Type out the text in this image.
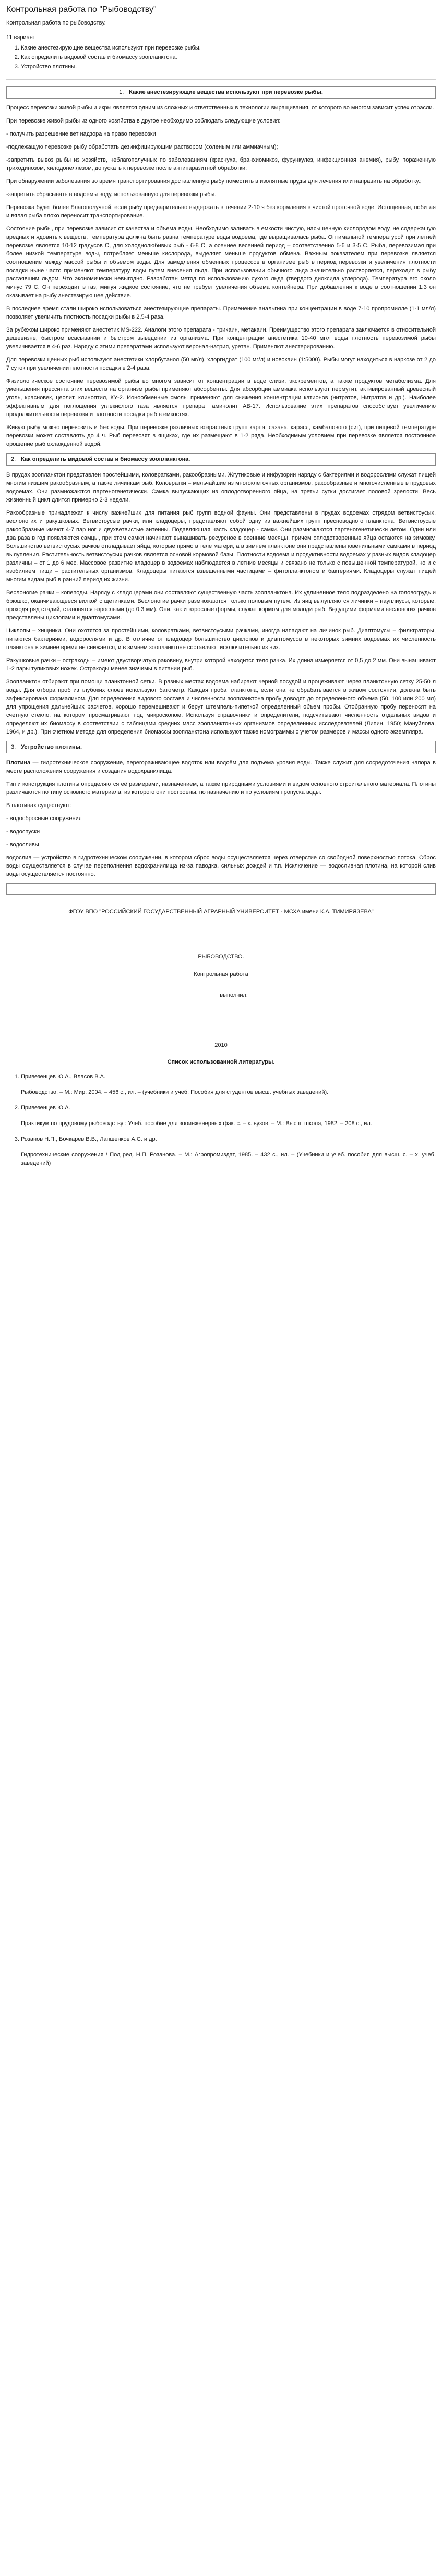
Контрольная работа по "Рыбоводству"
Контрольная работа по рыбоводству.
11 вариант
1. Какие анестезирующие вещества используют при перевозке рыбы.
2. Как определить видовой состав и биомассу зоопланктона.
3. Устройство плотины.
1. Какие анестезирующие вещества используют при перевозке рыбы.

Процесс перевозки живой рыбы и икры является одним из сложных и ответственных в технологии выращивания, от которого во многом зависит успех отрасли.

При перевозке живой рыбы из одного хозяйства в другое необходимо соблюдать следующие условия:

- получить разрешение вет надзора на право перевозки

-подлежащую перевозке рыбу обработать дезинфицирующим раствором (соленым или аммиачным);

-запретить вывоз рыбы из хозяйств, неблагополучных по заболеваниям (краснуха, бранхиомикоз, фурункулез, инфекционная анемия), рыбу, пораженную триходинозом, хилодонеллезом, допускать к перевозке после антипаразитной обработки;

При обнаружении заболевания во время транспортирования доставленную рыбу поместить в изолятные пруды для лечения или направить на обработку.;

-запретить сбрасывать в водоемы воду, использованную для перевозки рыбы.

Перевозка будет более Благополучной, если рыбу предварительно выдержать в течении 2-10 ч без кормления в чистой проточной воде. Истощенная, побитая и вялая рыба плохо переносит транспортирование.

Состояние рыбы, при перевозке зависит от качества и объема воды. Необходимо заливать в емкости чистую, насыщенную кислородом воду, не содержащую вредных и ядовитых веществ, температура должна быть равна температуре воды водоема, где выращивалась рыба. Оптимальной температурой при летней перевозке является 10-12 градусов С, для холоднолюбивых рыб - 6-8 С, а осеннее весенней период – соответственно 5-6 и 3-5 С. Рыба, перевозимая при более низкой температуре воды, потребляет меньше кислорода, выделяет меньше продуктов обмена. Важным показателем при перевозке является соотношение между массой рыбы и объемом воды. Для замедления обменных процессов в организме рыб в период перевозки и увеличения плотности посадки ныне часто применяют температуру воды путем внесения льда. При использовании обычного льда значительно растворяется, переходит в рыбу растаявшим льдом. Что экономически невыгодно. Разработан метод по использованию сухого льда (твердого диоксида углерода). Температура его около минус 79 С. Он переходит в газ, минуя жидкое состояние, что не требует увеличения объема контейнера. При добавлении к воде в соотношении 1:3 он оказывает на рыбу анестезирующее действие.

В последнее время стали широко использоваться анестезирующие препараты. Применение анальгина при концентрации в воде 7-10 пропромилле (1-1 мл/л) позволяет увеличить плотность посадки рыбы в 2,5-4 раза.

За рубежом широко применяют анестетик MS-222. Аналоги этого препарата - трикаин, метакаин. Преимущество этого препарата заключается в относительной дешевизне, быстром всасывании и быстром выведении из организма. При концентрации анестетика 10-40 мг/л воды плотность перевозимой рыбы увеличивается в 4-6 раз. Наряду с этими препаратами используют веронал-натрия, уретан. Применяют анестерированию.

Для перевозки ценных рыб используют анестетики хлорбутанол (50 мг/л), хлоргидрат (100 мг/л) и новокаин (1:5000). Рыбы могут находиться в наркозе от 2 до 7 суток при увеличении плотности посадки в 2-4 раза.

Физиологическое состояние перевозимой рыбы во многом зависит от концентрации в воде слизи, экскрементов, а также продуктов метаболизма. Для уменьшения прессинга этих веществ на организм рыбы применяют абсорбенты. Для абсорбции аммиака используют пермутит, активированный древесный уголь, красновек, цеолит, клиноптил, КУ-2. Ионообменные смолы применяют для снижения концентрации катионов (нитратов, Нитратов и др.). Наиболее эффективным для поглощения углекислого газа является препарат аминолит АВ-17. Использование этих препаратов способствует увеличению продолжительности перевозки и плотности посадки рыб в емкостях.

Живую рыбу можно перевозить и без воды. При перевозке различных возрастных групп карпа, сазана, карася, камбалового (сиг), при пищевой температуре перевозки может составлять до 4 ч. Рыб перевозят в ящиках, где их размещают в 1-2 ряда. Необходимым условием при перевозке является постоянное орошение рыб охлажденной водой.

2. Как определить видовой состав и биомассу зоопланктона.

В прудах зоопланктон представлен простейшими, коловратками, ракообразными. Жгутиковые и инфузории наряду с бактериями и водорослями служат пищей многим низшим ракообразным, а также личинкам рыб. Коловратки – мельчайшие из многоклеточных организмов, ракообразные и многочисленные в прудовых водоемах. Они размножаются партеногенетически. Самка выпускающих из оплодотворенного яйца, на третьи сутки достигает половой зрелости. Весь жизненный цикл длится примерно 2-3 недели.

Ракообразные принадлежат к числу важнейших для питания рыб групп водной фауны. Они представлены в прудах водоемах отрядом ветвистоусых, веслоногих и ракушковых. Ветвистоусые рачки, или кладоцеры, представляют собой одну из важнейших групп пресноводного планктона. Ветвистоусые ракообразные имеют 4-7 пар ног и двухветвистые антенны. Подавляющая часть кладоцер - самки. Они размножаются партеногенетически летом. Один или два раза в год появляются самцы, при этом самки начинают вынашивать ресурсное в осенние месяцы, причем оплодотворенные яйца остаются на зимовку. Большинство ветвистоусых рачков откладывает яйца, которые прямо в теле матери, а в зимнем планктоне они представлены ювенильными самками в период вылупления. Растительность ветвистоусых рачков является основой кормовой базы. Плотности водоема и продуктивности водоемах у разных видов кладоцер различны – от 1 до 6 мес. Массовое развитие кладоцер в водоемах наблюдается в летние месяцы и связано не только с повышенной температурой, но и с изобилием пищи – растительных организмов. Кладоцеры питаются взвешенными частицами – фитопланктоном и бактериями. Кладоцеры служат пищей многим видам рыб в ранний период их жизни.

Веслоногие рачки – копеподы. Наряду с кладоцерами они составляют существенную часть зоопланктона. Их удлиненное тело подразделено на головогрудь и брюшко, оканчивающееся вилкой с щетинками. Веслоногие рачки размножаются только половым путем. Из яиц вылупляются личинки – науплиусы, которые, проходя ряд стадий, становятся взрослыми (до 0,3 мм). Они, как и взрослые формы, служат кормом для молоди рыб. Ведущими формами веслоногих рачков представлены циклопами и диаптомусами.

Циклопы – хищники. Они охотятся за простейшими, коловратками, ветвистоусыми рачками, иногда нападают на личинок рыб. Диаптомусы – фильтраторы, питаются бактериями, водорослями и др. В отличие от кладоцер большинство циклопов и диаптомусов в некоторых зимних водоемах их численность планктона в зимнее время не снижается, и в зимнем зоопланктоне составляют исключительно из них.

Ракушковые рачки – остракоды – имеют двустворчатую раковину, внутри которой находится тело рачка. Их длина измеряется от 0,5 до 2 мм. Они вынашивают 1-2 пары тупиковых ножек. Остракоды менее значимы в питании рыб.

Зоопланктон отбирают при помощи планктонной сетки. В разных местах водоема набирают черной посудой и процеживают через планктонную сетку 25-50 л воды. Для отбора проб из глубоких слоев используют батометр. Каждая проба планктона, если она не обрабатывается в живом состоянии, должна быть зафиксирована формалином. Для определения видового состава и численности зоопланктона пробу доводят до определенного объема (50, 100 или 200 мл) для упрощения дальнейших расчетов, хорошо перемешивают и берут штемпель-пипеткой определенный объем пробы. Отобранную пробу переносят на счетную стекло, на котором просматривают под микроскопом. Используя справочники и определители, подсчитывают численность отдельных видов и определяют их биомассу в соответствии с таблицами средних масс зоопланктонных организмов определенных исследователей (Липин, 1950; Мануйлова, 1964, и др.). При счетном методе для определения биомассы зоопланктона используют также номограммы с учетом размеров и массы одного экземпляра.

3. Устройство плотины.

Плотина — гидротехническое сооружение, перегораживающее водоток или водоём для подъёма уровня воды. Также служит для сосредоточения напора в месте расположения сооружения и создания водохранилища.

Тип и конструкция плотины определяются её размерами, назначением, а также природными условиями и видом основного строительного материала. Плотины различаются по типу основного материала, из которого они построены, по назначению и по условиям пропуска воды.

В плотинах существуют:

- водосбросные сооружения

- водоспуски

- водосливы

водослив — устройство в гидротехническом сооружении, в котором сброс воды осуществляется через отверстие со свободной поверхностью потока. Сброс воды осуществляется в случае переполнения водохранилища из-за паводка, сильных дождей и т.п. Исключение — водосливная плотина, на которой слив воды осуществляется постоянно.

ФГОУ ВПО "РОССИЙСКИЙ ГОСУДАРСТВЕННЫЙ АГРАРНЫЙ УНИВЕРСИТЕТ - МСХА имени К.А. ТИМИРЯЗЕВА"
РЫБОВОДСТВО.
Контрольная работа
выполнил:
2010
Список использованной литературы.
1. Привезенцев Ю.А., Власов В.А.
Рыбоводство. – М.: Мир, 2004. – 456 с., ил. – (учебники и учеб. Пособия для студентов высш. учебных заведений).
2. Привезенцев Ю.А.
Практикум по прудовому рыбоводству : Учеб. пособие для зооинженерных фак. с. – х. вузов. – М.: Высш. школа, 1982. – 208 с., ил.
3. Розанов Н.П., Бочкарев В.В., Лапшенков А.С. и др.
Гидротехнические сооружения / Под ред. Н.П. Розанова. – М.: Агропромиздат, 1985. – 432 с., ил. – (Учебники и учеб. пособия для высш. с. – х. учеб. заведений)
